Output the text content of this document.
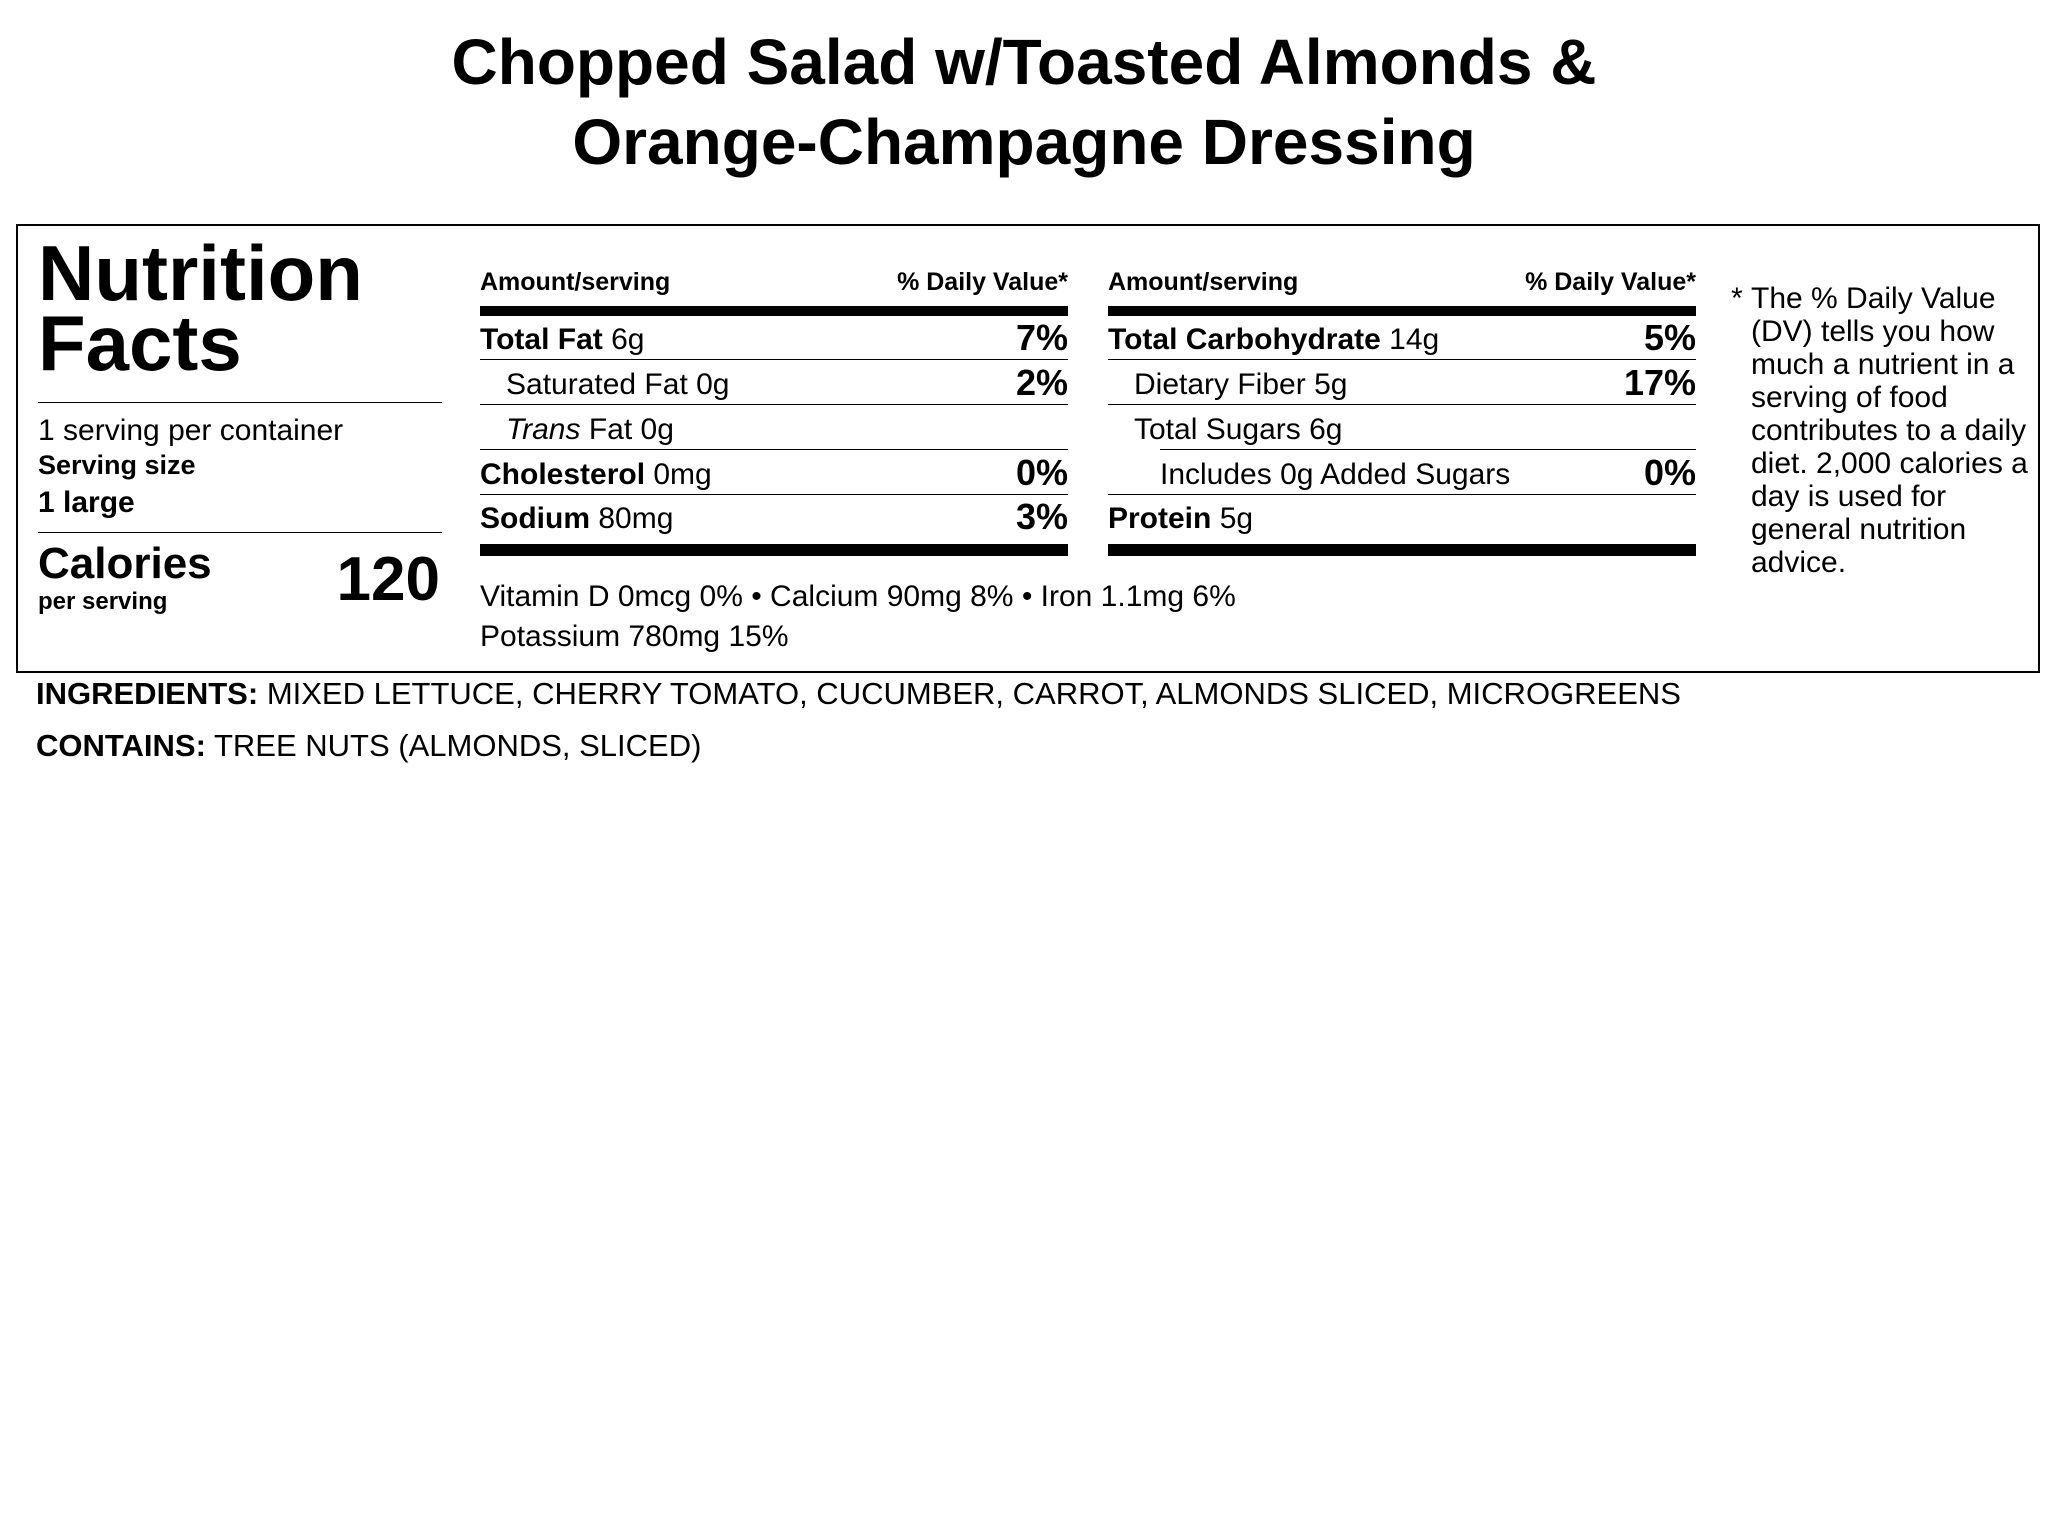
Chopped Salad w/Toasted Almonds &
Orange-Champagne Dressing
Nutrition
Facts
1 serving per container
Serving size
1 large
Calories
per serving	120
Amount/serving	% Daily Value*
Total Fat 6g	7%
Saturated Fat 0g	2%
Trans Fat 0g
Cholesterol 0mg	0%
Sodium 80mg	3%
Amount/serving	% Daily Value*
Total Carbohydrate 14g	5%
Dietary Fiber 5g	17%
Total Sugars 6g
Includes 0g Added Sugars	0%
Protein 5g
Vitamin D 0mcg 0% • Calcium 90mg 8% • Iron 1.1mg 6%
Potassium 780mg 15%
* The % Daily Value (DV) tells you how much a nutrient in a serving of food contributes to a daily diet. 2,000 calories a day is used for general nutrition advice.
INGREDIENTS: MIXED LETTUCE, CHERRY TOMATO, CUCUMBER, CARROT, ALMONDS SLICED, MICROGREENS
CONTAINS: TREE NUTS (ALMONDS, SLICED)
